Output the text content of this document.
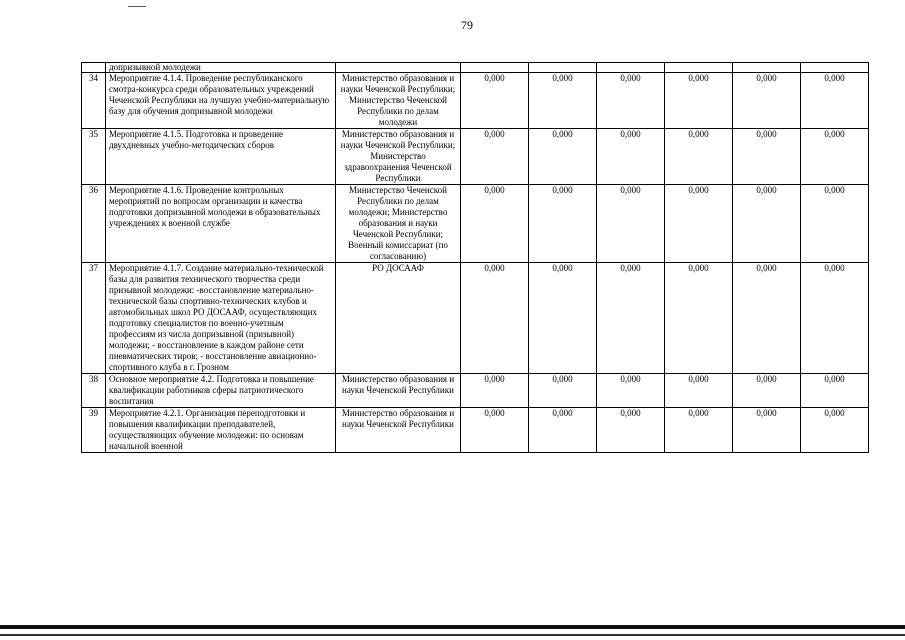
79
	допризывной молодежи							
34	Мероприятие 4.1.4. Проведение республиканского смотра-конкурса среди образовательных учреждений Чеченской Республики на лучшую учебно-материальную базу для обучения допризывной молодежи	Министерство образования и науки Чеченской Республики; Министерство Чеченской Республики по делам молодежи	0,000	0,000	0,000	0,000	0,000	0,000
35	Мероприятие 4.1.5. Подготовка и проведение двухдневных учебно-методических сборов	Министерство образования и науки Чеченской Республики; Министерство здравоохранения Чеченской Республики	0,000	0,000	0,000	0,000	0,000	0,000
36	Мероприятие 4.1.6. Проведение контрольных мероприятий по вопросам организации и качества подготовки допризывной молодежи в образовательных учреждениях к военной службе	Министерство Чеченской Республики по делам молодежи; Министерство образования и науки Чеченской Республики; Военный комиссариат (по согласованию)	0,000	0,000	0,000	0,000	0,000	0,000
37	Мероприятие 4.1.7. Создание материально-технической базы для развития технического творчества среди призывной молодежи: -восстановление материально-технической базы спортивно-технических клубов и автомобильных школ РО ДОСААФ, осуществляющих подготовку специалистов по военно-учетным профессиям из числа допризывной (призывной) молодежи; - восстановление в каждом районе сети пневматических тиров; - восстановление авиационно-спортивного клуба в г. Грозном	РО ДОСААФ	0,000	0,000	0,000	0,000	0,000	0,000
38	Основное мероприятие 4.2. Подготовка и повышение квалификации работников сферы патриотического воспитания	Министерство образования и науки Чеченской Республики	0,000	0,000	0,000	0,000	0,000	0,000
39	Мероприятие 4.2.1. Организация переподготовки и повышения квалификации преподавателей, осуществляющих обучение молодежи: по основам начальной военной	Министерство образования и науки Чеченской Республики	0,000	0,000	0,000	0,000	0,000	0,000
